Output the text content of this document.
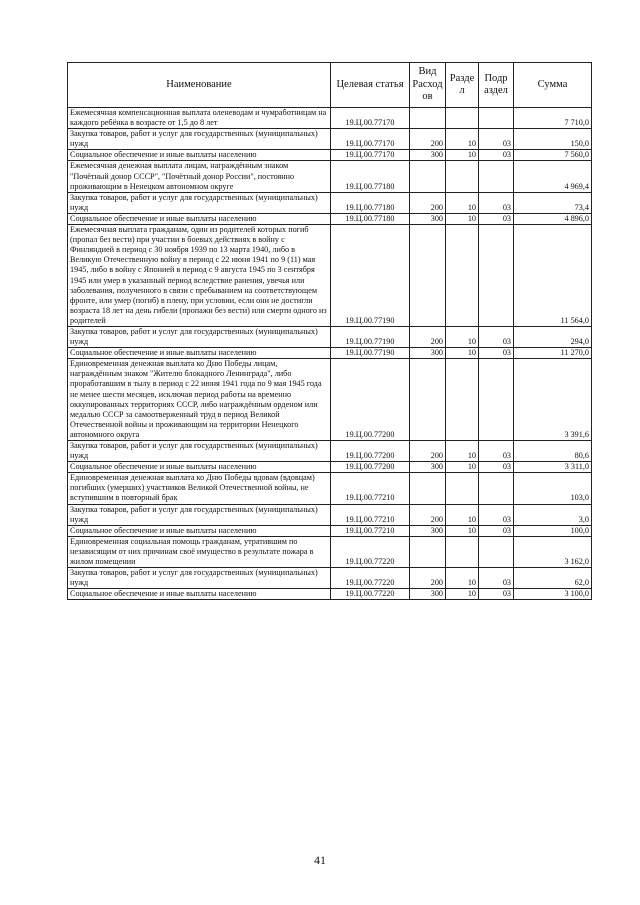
Наименование	Целевая статья	Вид Расход ов	Разде л	Подр аздел	Сумма
Ежемесячная компенсационная выплата оленеводам и чумработницам на каждого ребёнка в возрасте от 1,5 до 8 лет	19.Ц.00.77170				7 710,0
Закупка товаров, работ и услуг для государственных (муниципальных) нужд	19.Ц.00.77170	200	10	03	150,0
Социальное обеспечение и иные выплаты населению	19.Ц.00.77170	300	10	03	7 560,0
Ежемесячная денежная выплата лицам, награждённым знаком "Почётный донор СССР", "Почётный донор России", постоянно проживающим в Ненецком автономном округе	19.Ц.00.77180				4 969,4
Закупка товаров, работ и услуг для государственных (муниципальных) нужд	19.Ц.00.77180	200	10	03	73,4
Социальное обеспечение и иные выплаты населению	19.Ц.00.77180	300	10	03	4 896,0
Ежемесячная выплата гражданам, один из родителей которых погиб (пропал без вести) при участии в боевых действиях в войну с Финляндией в период с 30 ноября 1939 по 13 марта 1940, либо в Великую Отечественную войну в период с 22 июня 1941 по 9 (11) мая 1945, либо в войну с Японией в период с 9 августа 1945 по 3 сентября 1945 или умер в указанный период вследствие ранения, увечья или заболевания, полученного в связи с пребыванием на соответствующем фронте, или умер (погиб) в плену, при условии, если они не достигли возраста 18 лет на день гибели (пропажи без вести) или смерти одного из родителей	19.Ц.00.77190				11 564,0
Закупка товаров, работ и услуг для государственных (муниципальных) нужд	19.Ц.00.77190	200	10	03	294,0
Социальное обеспечение и иные выплаты населению	19.Ц.00.77190	300	10	03	11 270,0
Единовременная денежная выплата ко Дню Победы лицам, награждённым знаком "Жителю блокадного Ленинграда", либо проработавшим в тылу в период с 22 июня 1941 года по 9 мая 1945 года не менее шести месяцев, исключая период работы на временно оккупированных территориях СССР, либо награждённым орденом или медалью СССР за самоотверженный труд в период Великой Отечественной войны и проживающим на территории Ненецкого автономного округа	19.Ц.00.77200				3 391,6
Закупка товаров, работ и услуг для государственных (муниципальных) нужд	19.Ц.00.77200	200	10	03	80,6
Социальное обеспечение и иные выплаты населению	19.Ц.00.77200	300	10	03	3 311,0
Единовременная денежная выплата ко Дню Победы вдовам (вдовцам) погибших (умерших) участников Великой Отечественной войны, не вступившим в повторный брак	19.Ц.00.77210				103,0
Закупка товаров, работ и услуг для государственных (муниципальных) нужд	19.Ц.00.77210	200	10	03	3,0
Социальное обеспечение и иные выплаты населению	19.Ц.00.77210	300	10	03	100,0
Единовременная социальная помощь гражданам, утратившим по независящим от них причинам своё имущество в результате пожара в жилом помещении	19.Ц.00.77220				3 162,0
Закупка товаров, работ и услуг для государственных (муниципальных) нужд	19.Ц.00.77220	200	10	03	62,0
Социальное обеспечение и иные выплаты населению	19.Ц.00.77220	300	10	03	3 100,0
41
